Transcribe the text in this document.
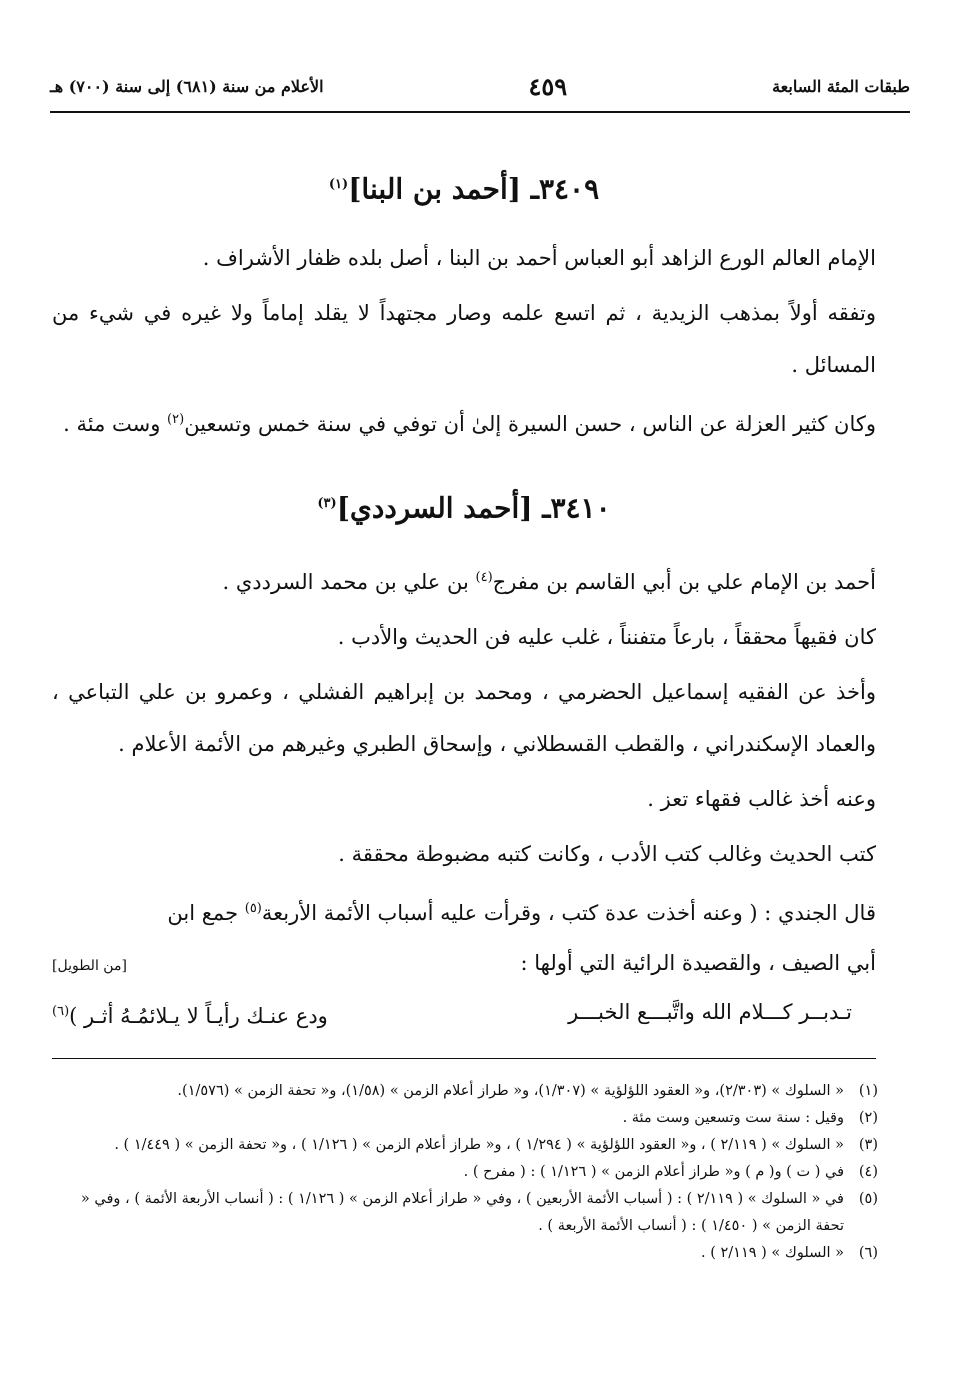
طبقات المئة السابعة
٤٥٩
الأعلام من سنة (٦٨١) إلى سنة (٧٠٠) هـ
٣٤٠٩ـ [أحمد بن البنا]$^{(١)}$

الإمام العالم الورع الزاهد أبو العباس أحمد بن البنا ، أصل بلده ظفار الأشراف .

وتفقه أولاً بمذهب الزيدية ، ثم اتسع علمه وصار مجتهداً لا يقلد إماماً ولا غيره في شيء من المسائل .

وكان كثير العزلة عن الناس ، حسن السيرة إلىٰ أن توفي في سنة خمس وتسعين$^{(٢)}$ وست مئة .

٣٤١٠ـ [أحمد السرددي]$^{(٣)}$

أحمد بن الإمام علي بن أبي القاسم بن مفرج$^{(٤)}$ بن علي بن محمد السرددي .

كان فقيهاً محققاً ، بارعاً متفنناً ، غلب عليه فن الحديث والأدب .

وأخذ عن الفقيه إسماعيل الحضرمي ، ومحمد بن إبراهيم الفشلي ، وعمرو بن علي التباعي ، والعماد الإسكندراني ، والقطب القسطلاني ، وإسحاق الطبري وغيرهم من الأئمة الأعلام .

وعنه أخذ غالب فقهاء تعز .

كتب الحديث وغالب كتب الأدب ، وكانت كتبه مضبوطة محققة .

قال الجندي : ( وعنه أخذت عدة كتب ، وقرأت عليه أسباب الأئمة الأربعة$^{(٥)}$ جمع ابن

أبي الصيف ، والقصيدة الرائية التي أولها :
[من الطويل]
تـدبــر كـــلام الله واتَّبـــع الخبـــر
ودع عنـك رأيـاً لا يـلائمُـهُ أثـر )$^{(٦)}$
(١)
« السلوك » (٢/٣٠٣)، و« العقود اللؤلؤية » (١/٣٠٧)، و« طراز أعلام الزمن » (١/٥٨)، و« تحفة الزمن » (١/٥٧٦).
(٢)
وقيل : سنة ست وتسعين وست مئة .
(٣)
« السلوك » ( ٢/١١٩ ) ، و« العقود اللؤلؤية » ( ١/٢٩٤ ) ، و« طراز أعلام الزمن » ( ١/١٢٦ ) ، و« تحفة الزمن » ( ١/٤٤٩ ) .
(٤)
في ( ت ) و( م ) و« طراز أعلام الزمن » ( ١/١٢٦ ) : ( مفرح ) .
(٥)
في « السلوك » ( ٢/١١٩ ) : ( أسباب الأئمة الأربعين ) ، وفي « طراز أعلام الزمن » ( ١/١٢٦ ) : ( أنساب الأربعة الأئمة ) ، وفي « تحفة الزمن » ( ١/٤٥٠ ) : ( أنساب الأئمة الأربعة ) .
(٦)
« السلوك » ( ٢/١١٩ ) .
